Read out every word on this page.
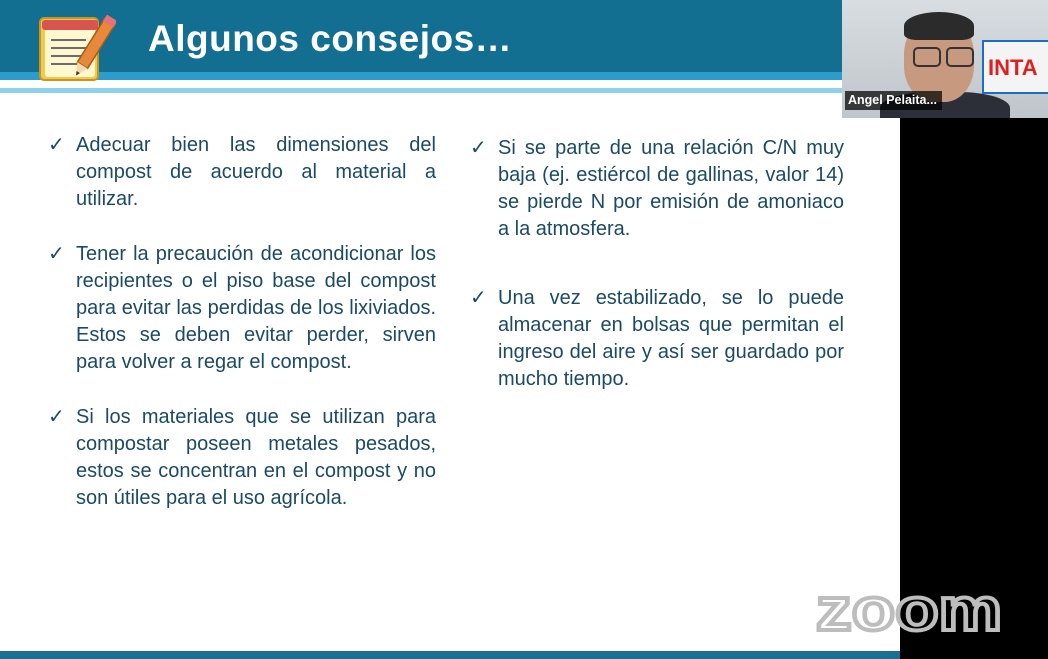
Algunos consejos…
✓ Adecuar bien las dimensiones del compost de acuerdo al material a utilizar.
✓ Tener la precaución de acondicionar los recipientes o el piso base del compost para evitar las perdidas de los lixiviados. Estos se deben evitar perder, sirven para volver a regar el compost.
✓ Si los materiales que se utilizan para compostar poseen metales pesados, estos se concentran en el compost y no son útiles para el uso agrícola.
✓ Si se parte de una relación C/N muy baja (ej. estiércol de gallinas, valor 14) se pierde N por emisión de amoniaco a la atmosfera.
✓ Una vez estabilizado, se lo puede almacenar en bolsas que permitan el ingreso del aire y así ser guardado por mucho tiempo.
zoom
INTA
Angel Pelaita...
